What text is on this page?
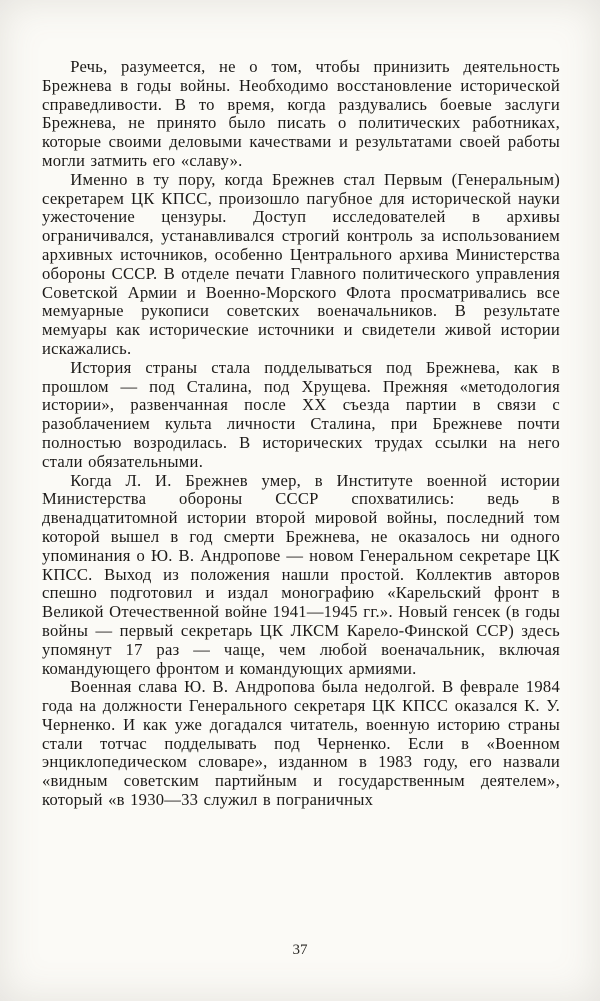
Речь, разумеется, не о том, чтобы принизить деятельность Брежнева в годы войны. Необходимо восстановление исторической справедливости. В то время, когда раздувались боевые заслуги Брежнева, не принято было писать о политических работниках, которые своими деловыми качествами и результатами своей работы могли затмить его «славу».

Именно в ту пору, когда Брежнев стал Первым (Генеральным) секретарем ЦК КПСС, произошло пагубное для исторической науки ужесточение цензуры. Доступ исследователей в архивы ограничивался, устанавливался строгий контроль за использованием архивных источников, особенно Центрального архива Министерства обороны СССР. В отделе печати Главного политического управления Советской Армии и Военно-Морского Флота просматривались все мемуарные рукописи советских военачальников. В результате мемуары как исторические источники и свидетели живой истории искажались.

История страны стала подделываться под Брежнева, как в прошлом — под Сталина, под Хрущева. Прежняя «методология истории», развенчанная после XX съезда партии в связи с разоблачением культа личности Сталина, при Брежневе почти полностью возродилась. В исторических трудах ссылки на него стали обязательными.

Когда Л. И. Брежнев умер, в Институте военной истории Министерства обороны СССР спохватились: ведь в двенадцатитомной истории второй мировой войны, последний том которой вышел в год смерти Брежнева, не оказалось ни одного упоминания о Ю. В. Андропове — новом Генеральном секретаре ЦК КПСС. Выход из положения нашли простой. Коллектив авторов спешно подготовил и издал монографию «Карельский фронт в Великой Отечественной войне 1941—1945 гг.». Новый генсек (в годы войны — первый секретарь ЦК ЛКСМ Карело-Финской ССР) здесь упомянут 17 раз — чаще, чем любой военачальник, включая командующего фронтом и командующих армиями.

Военная слава Ю. В. Андропова была недолгой. В феврале 1984 года на должности Генерального секретаря ЦК КПСС оказался К. У. Черненко. И как уже догадался читатель, военную историю страны стали тотчас подделывать под Черненко. Если в «Военном энциклопедическом словаре», изданном в 1983 году, его назвали «видным советским партийным и государственным деятелем», который «в 1930—33 служил в пограничных

37
